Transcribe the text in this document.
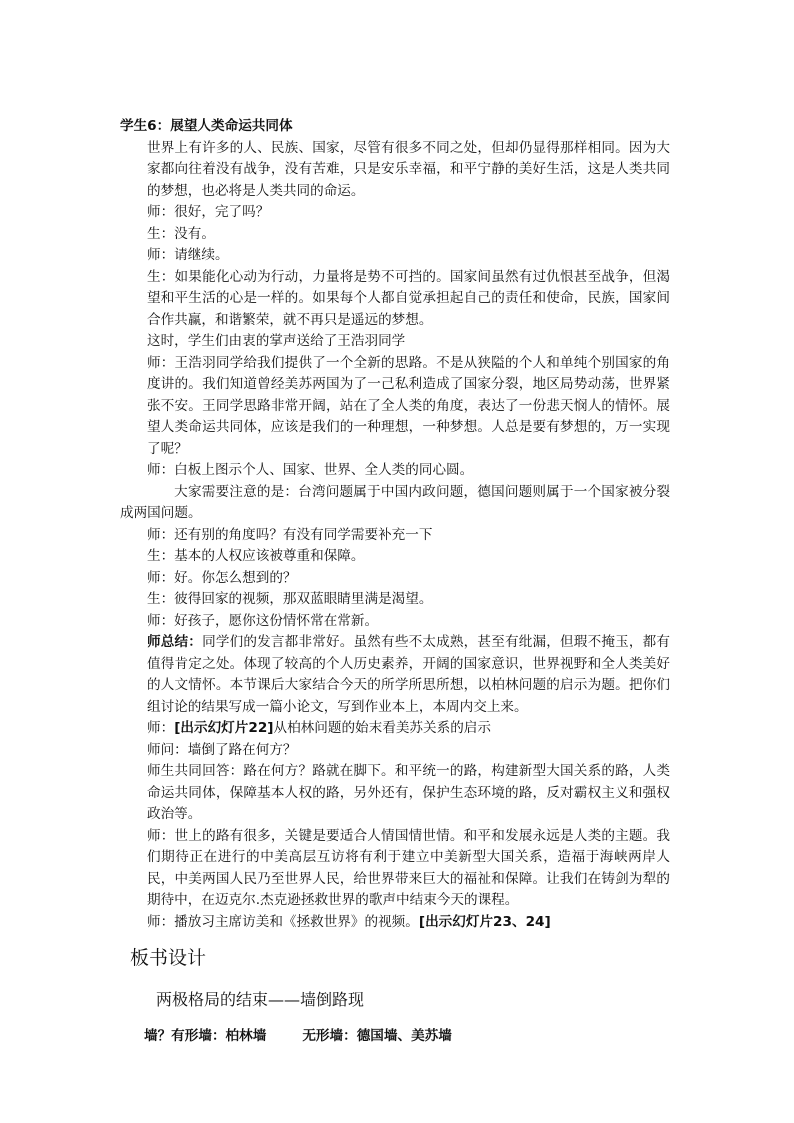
学生6：展望人类命运共同体

世界上有许多的人、民族、国家，尽管有很多不同之处，但却仍显得那样相同。因为大家都向往着没有战争，没有苦难，只是安乐幸福，和平宁静的美好生活，这是人类共同的梦想，也必将是人类共同的命运。

师：很好，完了吗？

生：没有。

师：请继续。

生：如果能化心动为行动，力量将是势不可挡的。国家间虽然有过仇恨甚至战争，但渴望和平生活的心是一样的。如果每个人都自觉承担起自己的责任和使命，民族，国家间合作共赢，和谐繁荣，就不再只是遥远的梦想。

这时，学生们由衷的掌声送给了王浩羽同学

师：王浩羽同学给我们提供了一个全新的思路。不是从狭隘的个人和单纯个别国家的角度讲的。我们知道曾经美苏两国为了一己私利造成了国家分裂，地区局势动荡，世界紧张不安。王同学思路非常开阔，站在了全人类的角度，表达了一份悲天悯人的情怀。展望人类命运共同体，应该是我们的一种理想，一种梦想。人总是要有梦想的，万一实现了呢？

师：白板上图示个人、国家、世界、全人类的同心圆。

大家需要注意的是：台湾问题属于中国内政问题，德国问题则属于一个国家被分裂成两国问题。

师：还有别的角度吗？有没有同学需要补充一下

生：基本的人权应该被尊重和保障。

师：好。你怎么想到的？

生：彼得回家的视频，那双蓝眼睛里满是渴望。

师：好孩子，愿你这份情怀常在常新。

师总结：同学们的发言都非常好。虽然有些不太成熟，甚至有纰漏，但瑕不掩玉，都有值得肯定之处。体现了较高的个人历史素养，开阔的国家意识，世界视野和全人类美好的人文情怀。本节课后大家结合今天的所学所思所想，以柏林问题的启示为题。把你们组讨论的结果写成一篇小论文，写到作业本上，本周内交上来。

师：[出示幻灯片22]从柏林问题的始末看美苏关系的启示

师问：墙倒了路在何方？

师生共同回答：路在何方？路就在脚下。和平统一的路，构建新型大国关系的路，人类命运共同体，保障基本人权的路，另外还有，保护生态环境的路，反对霸权主义和强权政治等。

师：世上的路有很多，关键是要适合人情国情世情。和平和发展永远是人类的主题。我们期待正在进行的中美高层互访将有利于建立中美新型大国关系，造福于海峡两岸人民，中美两国人民乃至世界人民，给世界带来巨大的福祉和保障。让我们在铸剑为犁的期待中，在迈克尔.杰克逊拯救世界的歌声中结束今天的课程。

师：播放习主席访美和《拯救世界》的视频。[出示幻灯片23、24]

板书设计
两极格局的结束——墙倒路现
墙？有形墙：柏林墙	无形墙：德国墙、美苏墙
